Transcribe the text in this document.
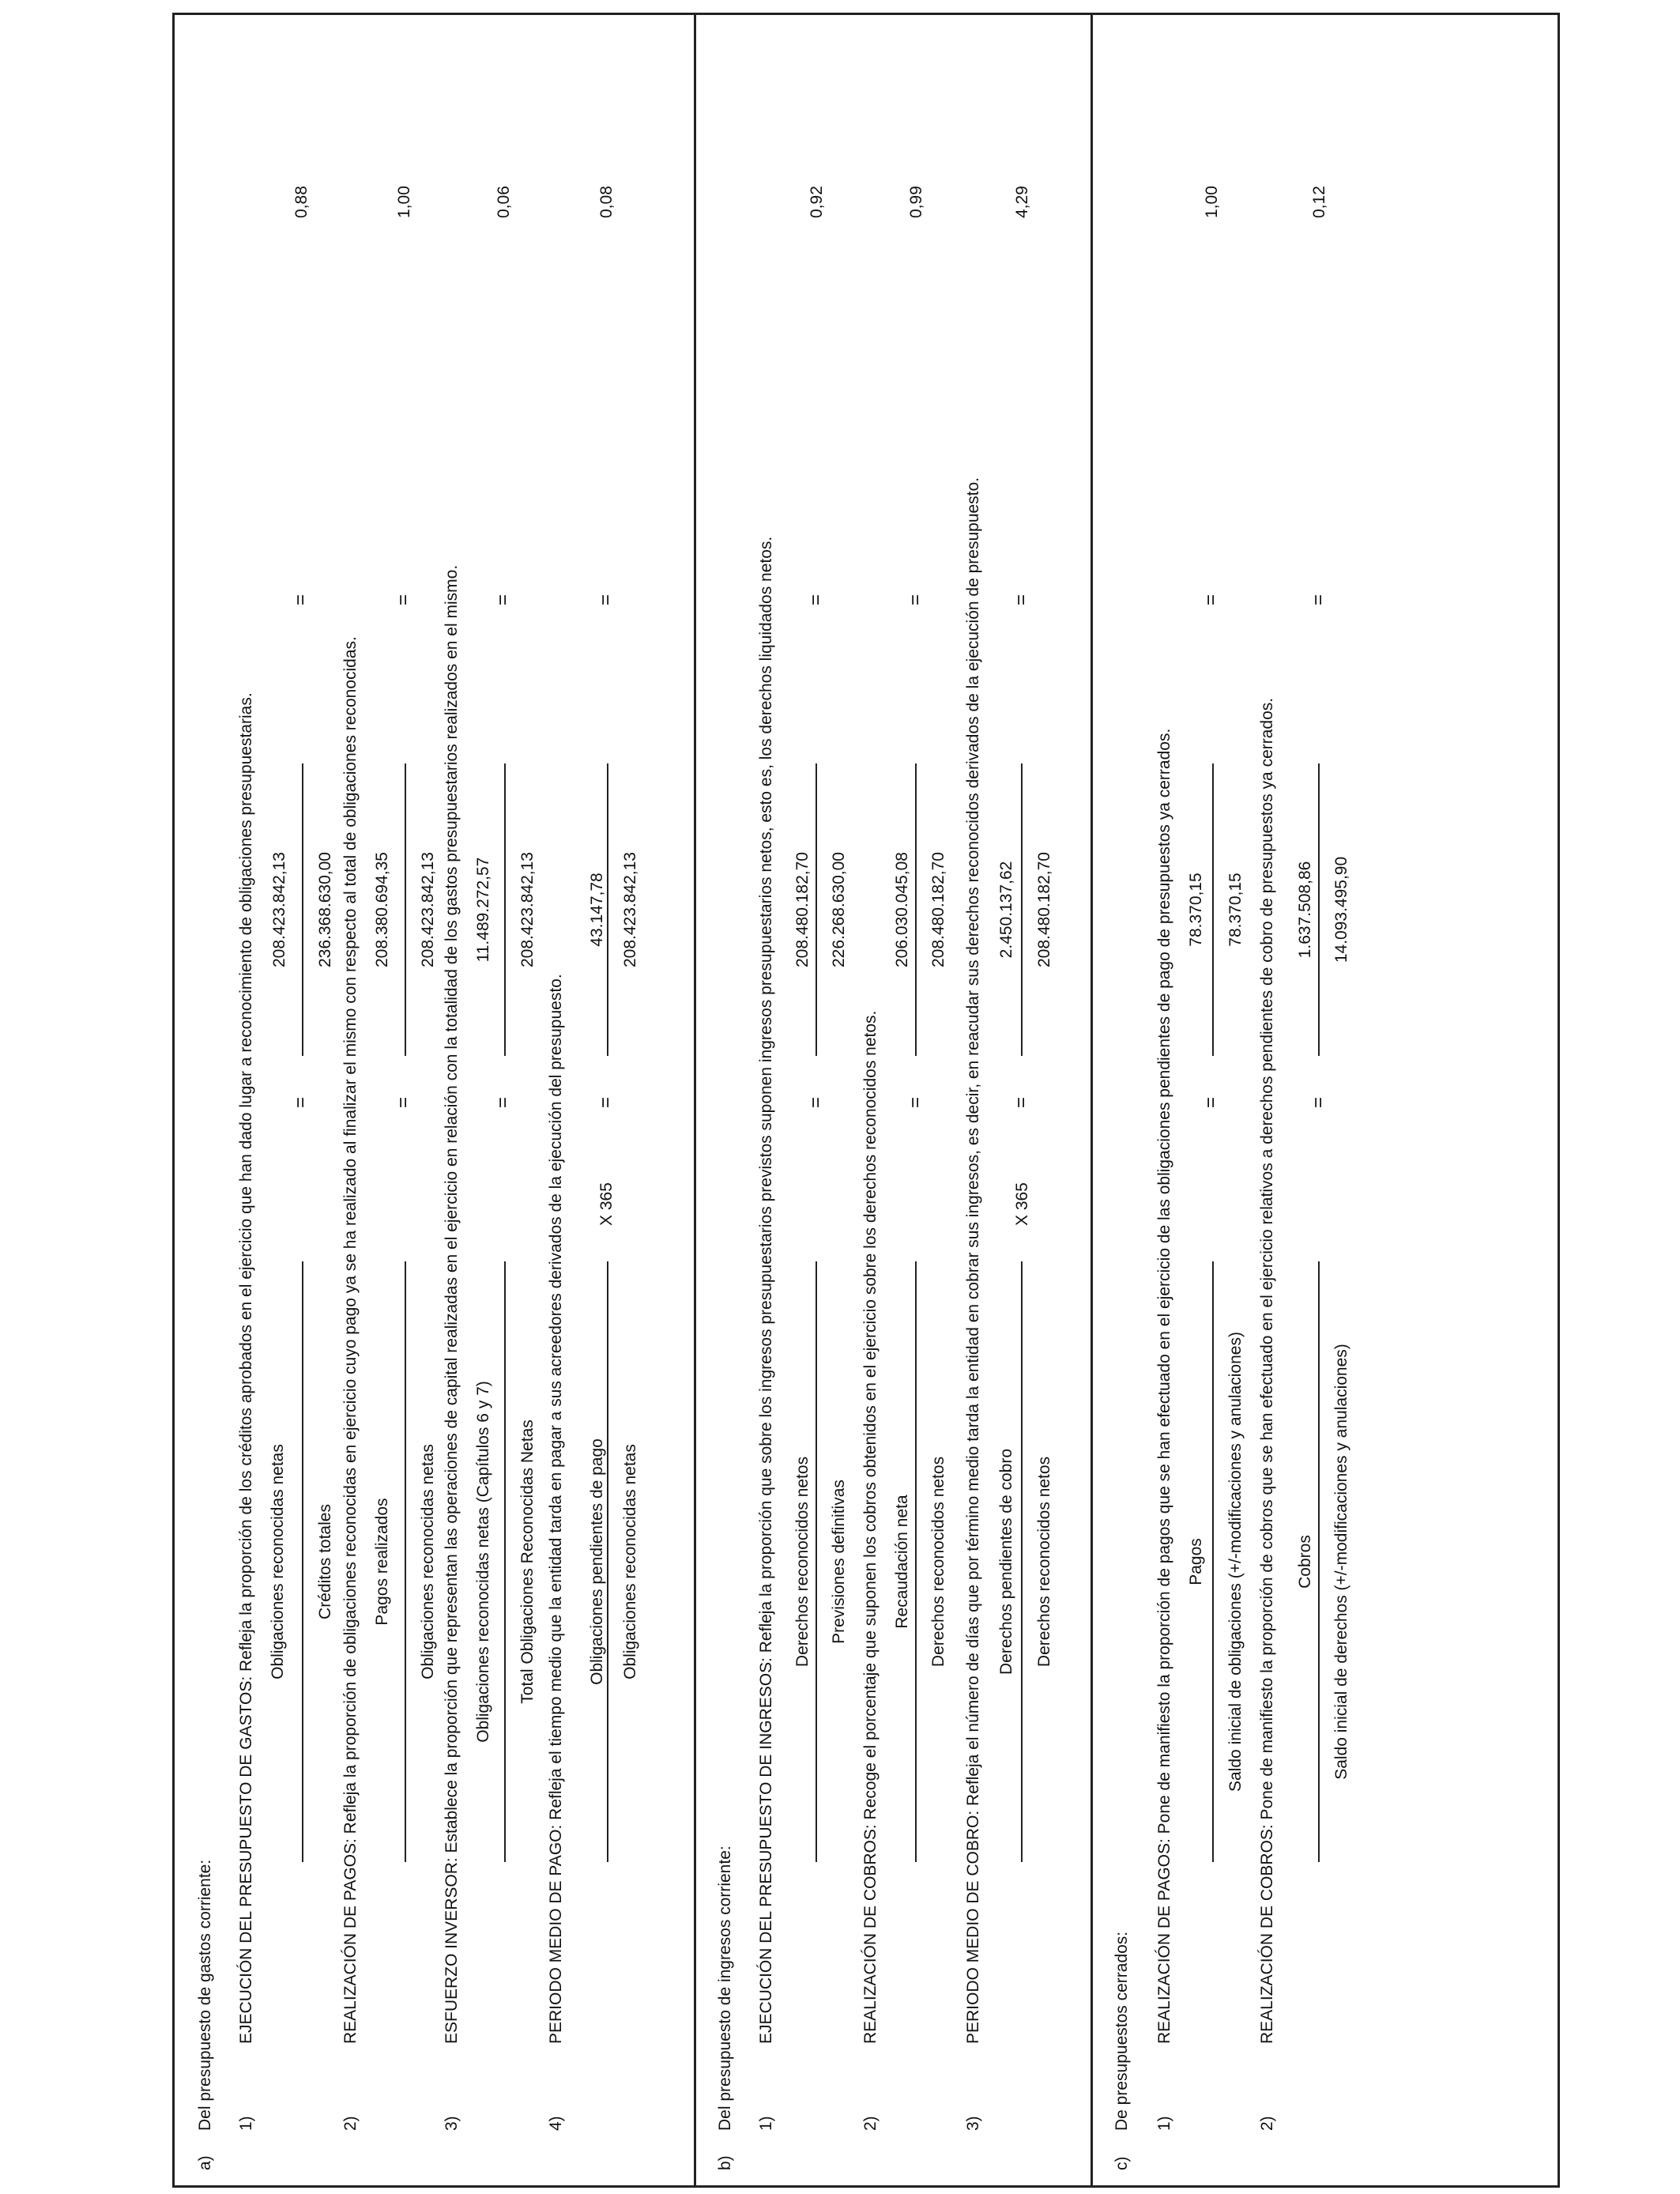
a)
Del presupuesto de gastos corriente: 1)
EJECUCIÓN DEL PRESUPUESTO DE GASTOS: Refleja la proporción de los créditos aprobados en el ejercicio que han dado lugar a reconocimiento de obligaciones presupuestarias. Obligaciones reconocidas netas Créditos totales
=
208.423.842,13 236.368.630,00
=
0,88
2)
REALIZACIÓN DE PAGOS: Refleja la proporción de obligaciones reconocidas en ejercicio cuyo pago ya se ha realizado al finalizar el mismo con respecto al total de obligaciones reconocidas. Pagos realizados Obligaciones reconocidas netas
=
208.380.694,35 208.423.842,13
=
1,00
3)
ESFUERZO INVERSOR: Establece la proporción que representan las operaciones de capital realizadas en el ejercicio en relación con la totalidad de los gastos presupuestarios realizados en el mismo. Obligaciones reconocidas netas (Capítulos 6 y 7) Total Obligaciones Reconocidas Netas
=
11.489.272,57 208.423.842,13
=
0,06
4)
PERIODO MEDIO DE PAGO: Refleja el tiempo medio que la entidad tarda en pagar a sus acreedores derivados de la ejecución del presupuesto. Obligaciones pendientes de pago Obligaciones reconocidas netas
X 365
=
43.147,78 208.423.842,13
=
0,08
b)
Del presupuesto de ingresos corriente: 1)
EJECUCIÓN DEL PRESUPUESTO DE INGRESOS: Refleja la proporción que sobre los ingresos presupuestarios previstos suponen ingresos presupuestarios netos, esto es, los derechos liquidados netos. Derechos reconocidos netos Previsiones definitivas
=
208.480.182,70 226.268.630,00
=
0,92
2)
REALIZACIÓN DE COBROS: Recoge el porcentaje que suponen los cobros obtenidos en el ejercicio sobre los derechos reconocidos netos. Recaudación neta Derechos reconocidos netos
=
206.030.045,08 208.480.182,70
=
0,99
3)
PERIODO MEDIO DE COBRO: Refleja el número de días que por término medio tarda la entidad en cobrar sus ingresos, es decir, en reacudar sus derechos reconocidos derivados de la ejecución de presupuesto. Derechos pendientes de cobro Derechos reconocidos netos
X 365
=
2.450.137,62 208.480.182,70
=
4,29
c)
De presupuestos cerrados: 1)
REALIZACIÓN DE PAGOS: Pone de manifiesto la proporción de pagos que se han efectuado en el ejercicio de las obligaciones pendientes de pago de presupuestos ya cerrados. Pagos Saldo inicial de obligaciones (+/-modificaciones y anulaciones)
=
78.370,15 78.370,15
=
1,00
2)
REALIZACIÓN DE COBROS: Pone de manifiesto la proporción de cobros que se han efectuado en el ejercicio relativos a derechos pendientes de cobro de presupuestos ya cerrados. Cobros Saldo inicial de derechos (+/-modificaciones y anulaciones)
=
1.637.508,86 14.093.495,90
=
0,12
